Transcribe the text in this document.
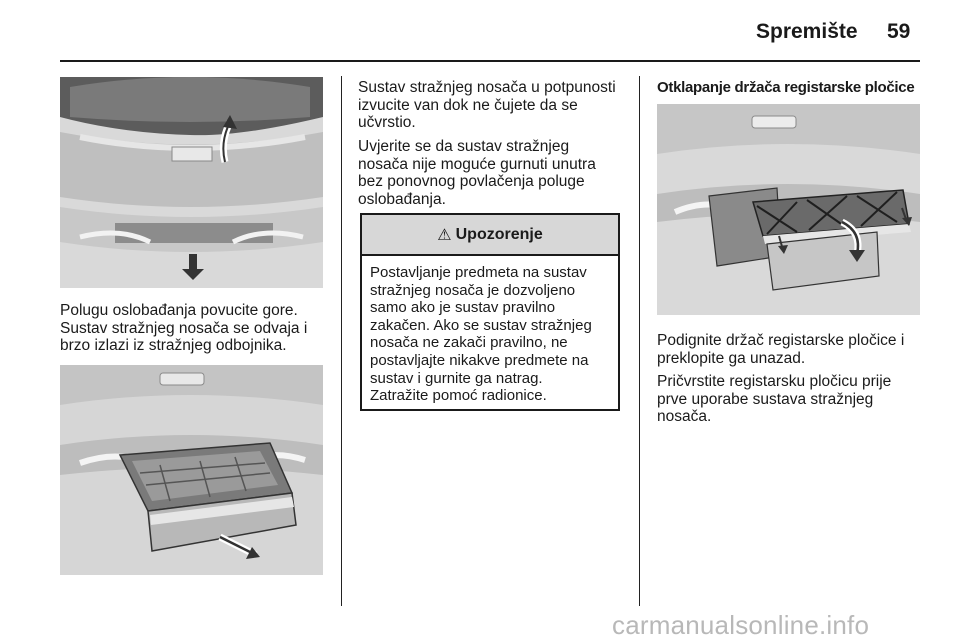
Spremište 59

Polugu oslobađanja povucite gore.

Sustav stražnjeg nosača se odvaja i

brzo izlazi iz stražnjeg odbojnika.

Sustav stražnjeg nosača u potpunosti

izvucite van dok ne čujete da se

učvrstio.

Uvjerite se da sustav stražnjeg

nosača nije moguće gurnuti unutra

bez ponovnog povlačenja poluge

oslobađanja.

⚠ Upozorenje
Postavljanje predmeta na sustav
stražnjeg nosača je dozvoljeno
samo ako je sustav pravilno
zakačen. Ako se sustav stražnjeg
nosača ne zakači pravilno, ne
postavljajte nikakve predmete na
sustav i gurnite ga natrag.
Zatražite pomoć radionice.
Otklapanje držača registarske pločice

Podignite držač registarske pločice i

preklopite ga unazad.

Pričvrstite registarsku pločicu prije

prve uporabe sustava stražnjeg

nosača.

carmanualsonline.info
